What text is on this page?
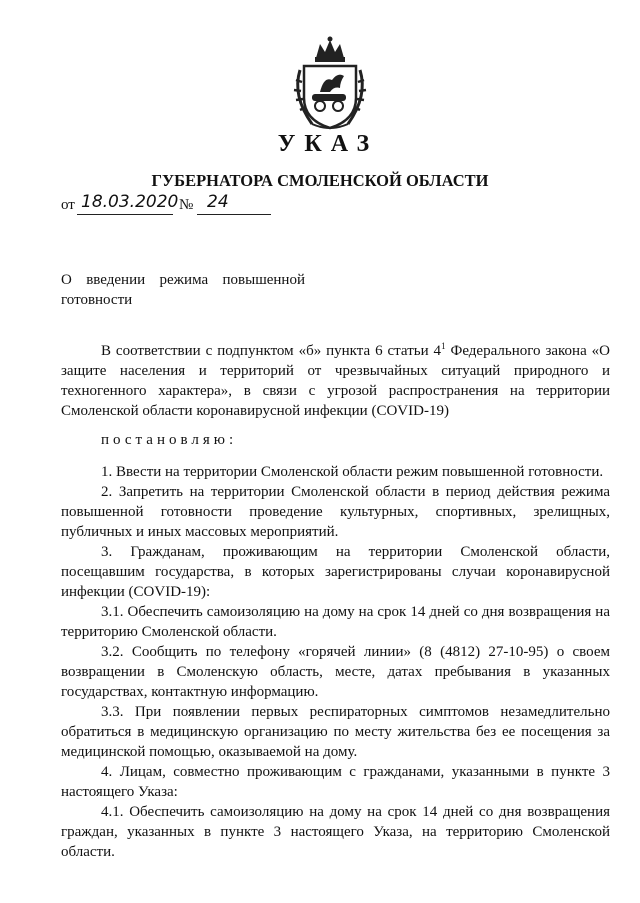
УКАЗ
ГУБЕРНАТОРА СМОЛЕНСКОЙ ОБЛАСТИ
от 18.03.2020 № 24
О введении режима повышенной
готовности

В соответствии с подпунктом «б» пункта 6 статьи $4^1$ Федерального закона «О защите населения и территорий от чрезвычайных ситуаций природного и техногенного характера», в связи с угрозой распространения на территории Смоленской области коронавирусной инфекции (COVID-19)

постановляю:

1. Ввести на территории Смоленской области режим повышенной готовности.

2. Запретить на территории Смоленской области в период действия режима повышенной готовности проведение культурных, спортивных, зрелищных, публичных и иных массовых мероприятий.

3. Гражданам, проживающим на территории Смоленской области, посещавшим государства, в которых зарегистрированы случаи коронавирусной инфекции (COVID-19):

3.1. Обеспечить самоизоляцию на дому на срок 14 дней со дня возвращения на территорию Смоленской области.

3.2. Сообщить по телефону «горячей линии» (8 (4812) 27-10-95) о своем возвращении в Смоленскую область, месте, датах пребывания в указанных государствах, контактную информацию.

3.3. При появлении первых респираторных симптомов незамедлительно обратиться в медицинскую организацию по месту жительства без ее посещения за медицинской помощью, оказываемой на дому.

4. Лицам, совместно проживающим с гражданами, указанными в пункте 3 настоящего Указа:

4.1. Обеспечить самоизоляцию на дому на срок 14 дней со дня возвращения граждан, указанных в пункте 3 настоящего Указа, на территорию Смоленской области.
